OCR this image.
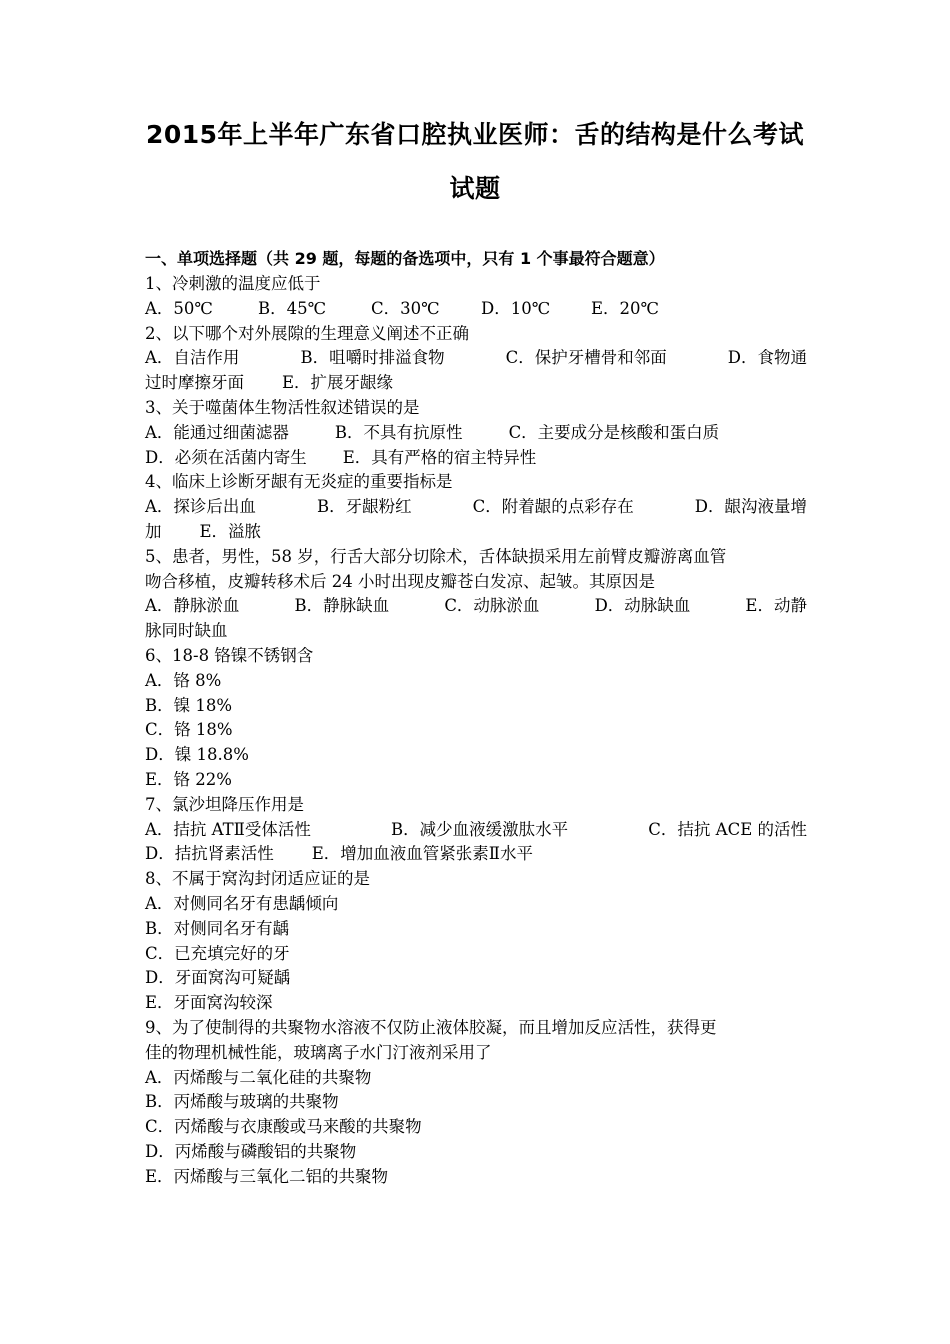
2015年上半年广东省口腔执业医师：舌的结构是什么考试
试题
一、单项选择题（共 29 题，每题的备选项中，只有 1 个事最符合题意）
1、冷刺激的温度应低于
A．50℃	B．45℃	C．30℃	D．10℃	E．20℃
2、以下哪个对外展隙的生理意义阐述不正确
A．自洁作用	B．咀嚼时排溢食物	C．保护牙槽骨和邻面	D．食物通
过时摩擦牙面 E．扩展牙龈缘
3、关于噬菌体生物活性叙述错误的是
A．能通过细菌滤器	B．不具有抗原性	C．主要成分是核酸和蛋白质
D．必须在活菌内寄生 E．具有严格的宿主特异性
4、临床上诊断牙龈有无炎症的重要指标是
A．探诊后出血	B．牙龈粉红	C．附着龈的点彩存在	D．龈沟液量增
加 E．溢脓
5、患者，男性，58 岁，行舌大部分切除术，舌体缺损采用左前臂皮瓣游离血管
吻合移植，皮瓣转移术后 24 小时出现皮瓣苍白发凉、起皱。其原因是
A．静脉淤血	B．静脉缺血	C．动脉淤血	D．动脉缺血	E．动静
脉同时缺血
6、18-8 铬镍不锈钢含
A．铬 8%
B．镍 18%
C．铬 18%
D．镍 18.8%
E．铬 22%
7、氯沙坦降压作用是
A．拮抗 ATⅡ受体活性	B．减少血液缓激肽水平	C．拮抗 ACE 的活性
D．拮抗肾素活性 E．增加血液血管紧张素Ⅱ水平
8、不属于窝沟封闭适应证的是
A．对侧同名牙有患龋倾向
B．对侧同名牙有龋
C．已充填完好的牙
D．牙面窝沟可疑龋
E．牙面窝沟较深
9、为了使制得的共聚物水溶液不仅防止液体胶凝，而且增加反应活性，获得更
佳的物理机械性能，玻璃离子水门汀液剂采用了
A．丙烯酸与二氧化硅的共聚物
B．丙烯酸与玻璃的共聚物
C．丙烯酸与衣康酸或马来酸的共聚物
D．丙烯酸与磷酸铝的共聚物
E．丙烯酸与三氧化二铝的共聚物
